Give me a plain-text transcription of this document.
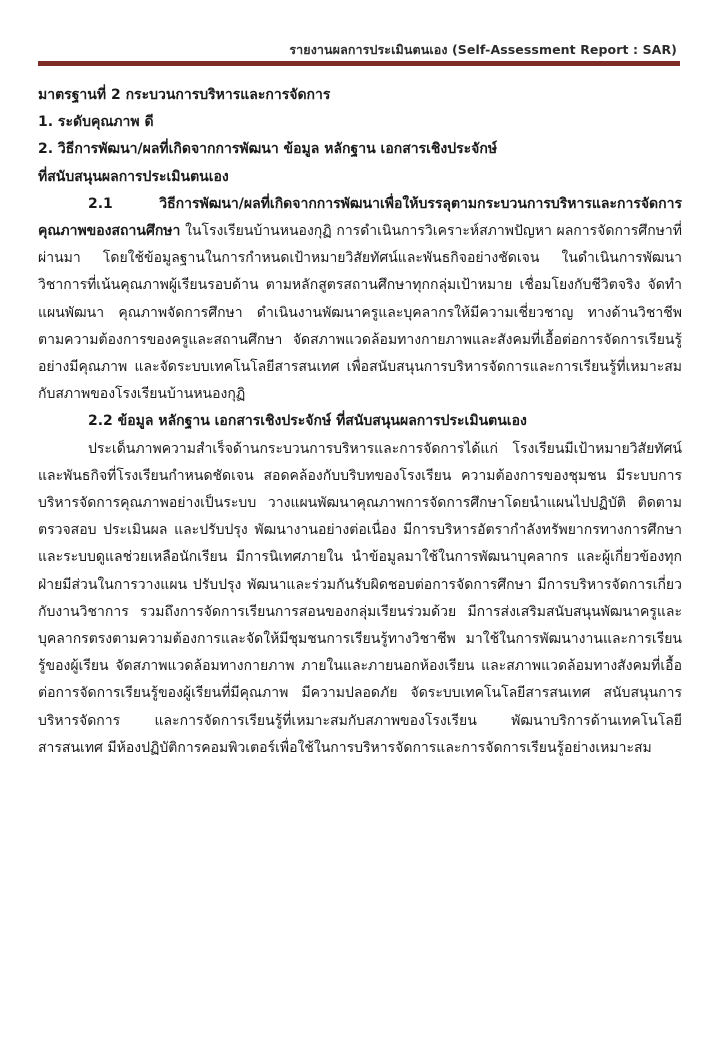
รายงานผลการประเมินตนเอง (Self-Assessment Report : SAR)
มาตรฐานที่ 2 กระบวนการบริหารและการจัดการ
1. ระดับคุณภาพ ดี
2. วิธีการพัฒนา/ผลที่เกิดจากการพัฒนา ข้อมูล หลักฐาน เอกสารเชิงประจักษ์
ที่สนับสนุนผลการประเมินตนเอง

2.1 วิธีการพัฒนา/ผลที่เกิดจากการพัฒนาเพื่อให้บรรลุตามกระบวนการบริหารและการจัดการคุณภาพของสถานศึกษา ในโรงเรียนบ้านหนองกุฏิ การดำเนินการวิเคราะห์สภาพปัญหา ผลการจัดการศึกษาที่ผ่านมา โดยใช้ข้อมูลฐานในการกำหนดเป้าหมายวิสัยทัศน์และพันธกิจอย่างชัดเจน ในดำเนินการพัฒนาวิชาการที่เน้นคุณภาพผู้เรียนรอบด้าน ตามหลักสูตรสถานศึกษาทุกกลุ่มเป้าหมาย เชื่อมโยงกับชีวิตจริง จัดทำแผนพัฒนา คุณภาพจัดการศึกษา ดำเนินงานพัฒนาครูและบุคลากรให้มีความเชี่ยวชาญ ทางด้านวิชาชีพ ตามความต้องการของครูและสถานศึกษา จัดสภาพแวดล้อมทางกายภาพและสังคมที่เอื้อต่อการจัดการเรียนรู้อย่างมีคุณภาพ และจัดระบบเทคโนโลยีสารสนเทศ เพื่อสนับสนุนการบริหารจัดการและการเรียนรู้ที่เหมาะสมกับสภาพของโรงเรียนบ้านหนองกุฏิ

2.2 ข้อมูล หลักฐาน เอกสารเชิงประจักษ์ ที่สนับสนุนผลการประเมินตนเอง

ประเด็นภาพความสำเร็จด้านกระบวนการบริหารและการจัดการได้แก่ โรงเรียนมีเป้าหมายวิสัยทัศน์ และพันธกิจที่โรงเรียนกำหนดชัดเจน สอดคล้องกับบริบทของโรงเรียน ความต้องการของชุมชน มีระบบการบริหารจัดการคุณภาพอย่างเป็นระบบ วางแผนพัฒนาคุณภาพการจัดการศึกษาโดยนำแผนไปปฏิบัติ ติดตาม ตรวจสอบ ประเมินผล และปรับปรุง พัฒนางานอย่างต่อเนื่อง มีการบริหารอัตรากำลังทรัพยากรทางการศึกษา และระบบดูแลช่วยเหลือนักเรียน มีการนิเทศภายใน นำข้อมูลมาใช้ในการพัฒนาบุคลากร และผู้เกี่ยวข้องทุกฝ่ายมีส่วนในการวางแผน ปรับปรุง พัฒนาและร่วมกันรับผิดชอบต่อการจัดการศึกษา มีการบริหารจัดการเกี่ยวกับงานวิชาการ รวมถึงการจัดการเรียนการสอนของกลุ่มเรียนร่วมด้วย มีการส่งเสริมสนับสนุนพัฒนาครูและบุคลากรตรงตามความต้องการและจัดให้มีชุมชนการเรียนรู้ทางวิชาชีพ มาใช้ในการพัฒนางานและการเรียนรู้ของผู้เรียน จัดสภาพแวดล้อมทางกายภาพ ภายในและภายนอกห้องเรียน และสภาพแวดล้อมทางสังคมที่เอื้อต่อการจัดการเรียนรู้ของผู้เรียนที่มีคุณภาพ มีความปลอดภัย จัดระบบเทคโนโลยีสารสนเทศ สนับสนุนการบริหารจัดการ และการจัดการเรียนรู้ที่เหมาะสมกับสภาพของโรงเรียน พัฒนาบริการด้านเทคโนโลยี สารสนเทศ มีห้องปฏิบัติการคอมพิวเตอร์เพื่อใช้ในการบริหารจัดการและการจัดการเรียนรู้อย่างเหมาะสม
